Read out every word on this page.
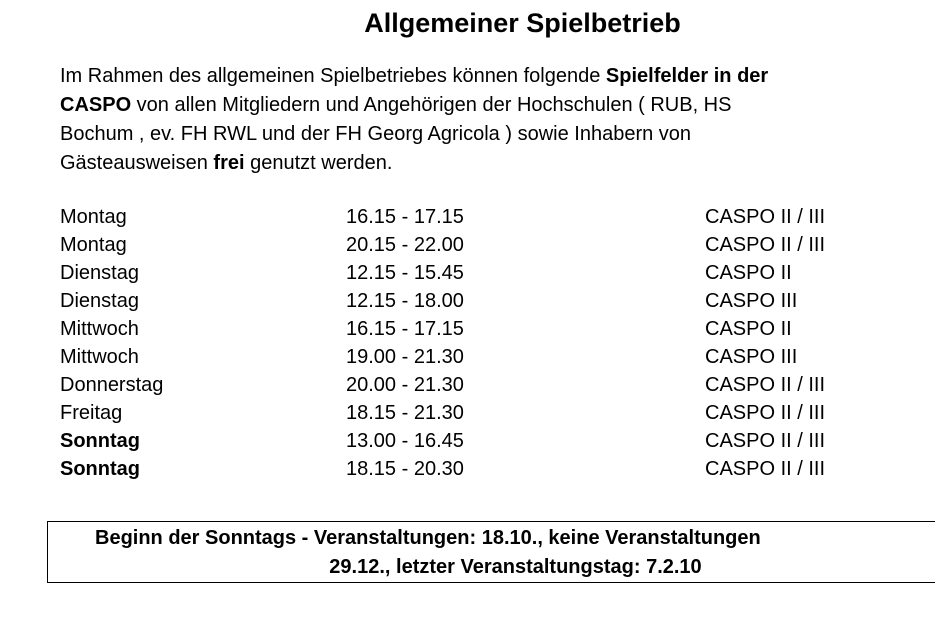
Allgemeiner Spielbetrieb
Im Rahmen des allgemeinen Spielbetriebes können folgende Spielfelder in der
CASPO von allen Mitgliedern und Angehörigen der Hochschulen ( RUB, HS
Bochum , ev. FH RWL und der FH Georg Agricola ) sowie Inhabern von
Gästeausweisen frei genutzt werden.
Montag	16.15 - 17.15	CASPO II / III
Montag	20.15 - 22.00	CASPO II / III
Dienstag	12.15 - 15.45	CASPO II
Dienstag	12.15 - 18.00	CASPO III
Mittwoch	16.15 - 17.15	CASPO II
Mittwoch	19.00 - 21.30	CASPO III
Donnerstag	20.00 - 21.30	CASPO II / III
Freitag	18.15 - 21.30	CASPO II / III
Sonntag	13.00 - 16.45	CASPO II / III
Sonntag	18.15 - 20.30	CASPO II / III
Beginn der Sonntags - Veranstaltungen: 18.10., keine Veranstaltungen
29.12., letzter Veranstaltungstag: 7.2.10
